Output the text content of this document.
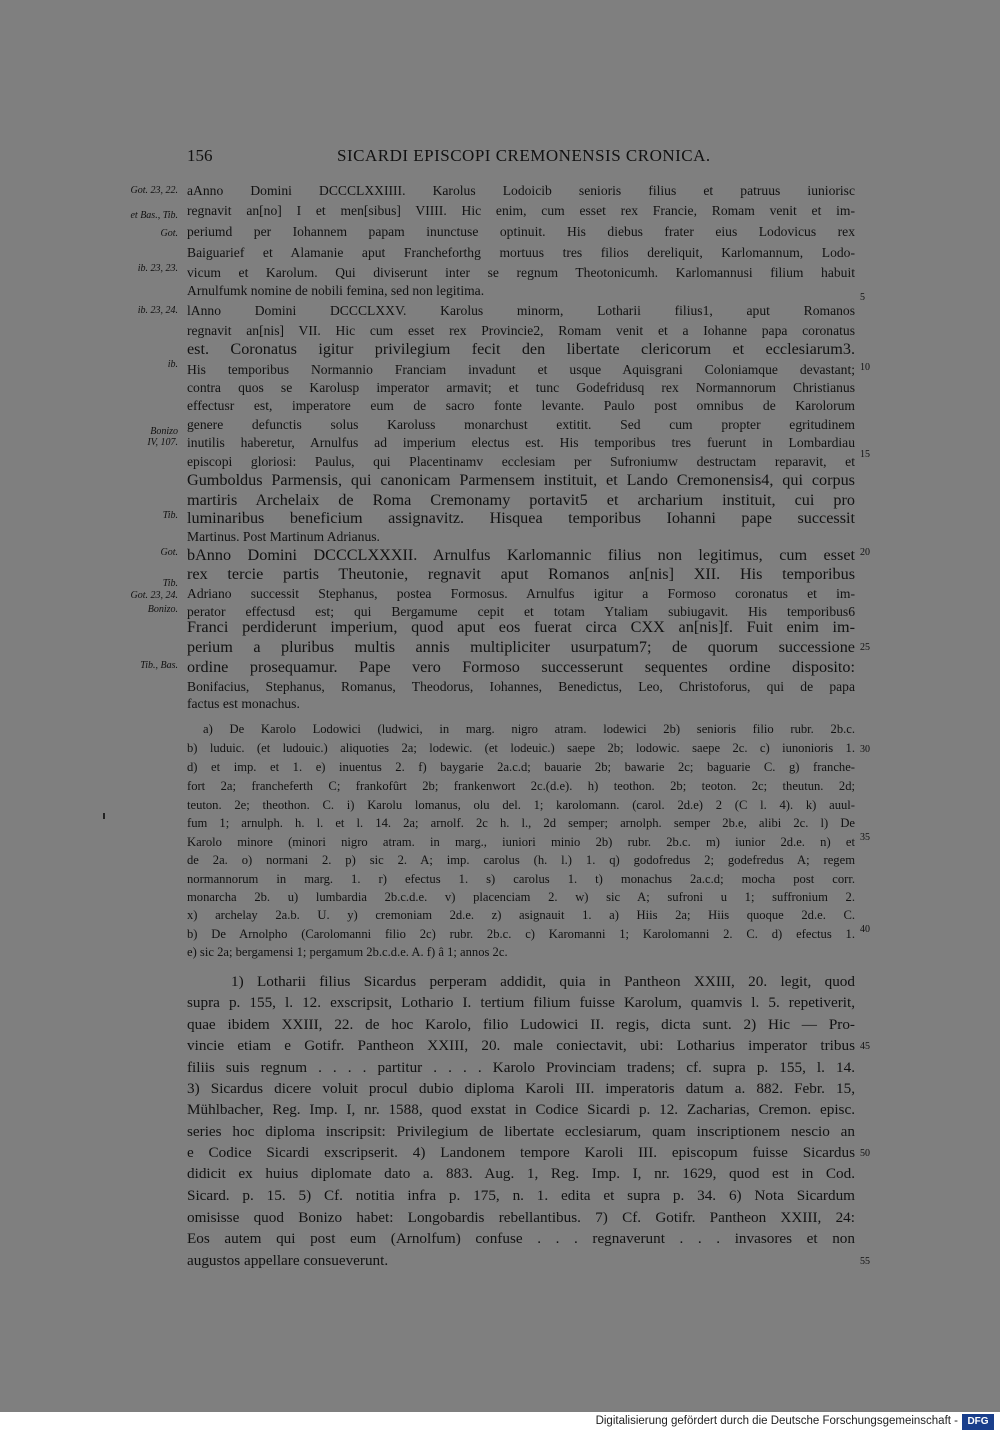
156	SICARDI EPISCOPI CREMONENSIS CRONICA.
Got. 23, 22.
et Bas., Tib.
Got.
ib. 23, 23.
ib. 23, 24.
ib.
Bonizo
IV, 107.
Tib.
Got.
Tib.
Got. 23, 24.
Bonizo.
Tib., Bas.
5
10
15
20
25
30
35
40
45
50
55
aAnno Domini DCCCLXXIIII. Karolus Lodoicib senioris filius et patruus iuniorisc
regnavit an[no] I et men[sibus] VIIII. Hic enim, cum esset rex Francie, Romam venit et im-
periumd per Iohannem papam inunctuse optinuit. His diebus frater eius Lodovicus rex
Baiguarief et Alamanie aput Francheforthg mortuus tres filios dereliquit, Karlomannum, Lodo-
vicum et Karolum. Qui diviserunt inter se regnum Theotonicumh. Karlomannusi filium habuit
Arnulfumk nomine de nobili femina, sed non legitima.
lAnno Domini DCCCLXXV. Karolus minorm, Lotharii filius1, aput Romanos
regnavit an[nis] VII. Hic cum esset rex Provincie2, Romam venit et a Iohanne papa coronatus
est. Coronatus igitur privilegium fecit den libertate clericorum et ecclesiarum3.
His temporibus Normannio Franciam invadunt et usque Aquisgrani Coloniamque devastant;
contra quos se Karolusp imperator armavit; et tunc Godefridusq rex Normannorum Christianus
effectusr est, imperatore eum de sacro fonte levante. Paulo post omnibus de Karolorum
genere defunctis solus Karoluss monarchust extitit. Sed cum propter egritudinem
inutilis haberetur, Arnulfus ad imperium electus est. His temporibus tres fuerunt in Lombardiau
episcopi gloriosi: Paulus, qui Placentinamv ecclesiam per Sufroniumw destructam reparavit, et
Gumboldus Parmensis, qui canonicam Parmensem instituit, et Lando Cremonensis4, qui corpus
martiris Archelaix de Roma Cremonamy portavit5 et archarium instituit, cui pro
luminaribus beneficium assignavitz. Hisquea temporibus Iohanni pape successit
Martinus. Post Martinum Adrianus.
bAnno Domini DCCCLXXXII. Arnulfus Karlomannic filius non legitimus, cum esset
rex tercie partis Theutonie, regnavit aput Romanos an[nis] XII. His temporibus
Adriano successit Stephanus, postea Formosus. Arnulfus igitur a Formoso coronatus et im-
perator effectusd est; qui Bergamume cepit et totam Ytaliam subiugavit. His temporibus6
Franci perdiderunt imperium, quod aput eos fuerat circa CXX an[nis]f. Fuit enim im-
perium a pluribus multis annis multipliciter usurpatum7; de quorum successione
ordine prosequamur. Pape vero Formoso successerunt sequentes ordine disposito:
Bonifacius, Stephanus, Romanus, Theodorus, Iohannes, Benedictus, Leo, Christoforus, qui de papa
factus est monachus.
a) De Karolo Lodowici (ludwici, in marg. nigro atram. lodewici 2b) senioris filio rubr. 2b.c.
b) luduic. (et ludouic.) aliquoties 2a; lodewic. (et lodeuic.) saepe 2b; lodowic. saepe 2c. c) iunonioris 1.
d) et imp. et 1. e) inuentus 2. f) baygarie 2a.c.d; bauarie 2b; bawarie 2c; baguarie C. g) franche-
fort 2a; francheferth C; frankofûrt 2b; frankenwort 2c.(d.e). h) teothon. 2b; teoton. 2c; theutun. 2d;
teuton. 2e; theothon. C. i) Karolu lomanus, olu del. 1; karolomann. (carol. 2d.e) 2 (C l. 4). k) auul-
fum 1; arnulph. h. l. et l. 14. 2a; arnolf. 2c h. l., 2d semper; arnolph. semper 2b.e, alibi 2c. l) De
Karolo minore (minori nigro atram. in marg., iuniori minio 2b) rubr. 2b.c. m) iunior 2d.e. n) et
de 2a. o) normani 2. p) sic 2. A; imp. carolus (h. l.) 1. q) godofredus 2; godefredus A; regem
normannorum in marg. 1. r) efectus 1. s) carolus 1. t) monachus 2a.c.d; mocha post corr.
monarcha 2b. u) lumbardia 2b.c.d.e. v) placenciam 2. w) sic A; sufroni u 1; suffronium 2.
x) archelay 2a.b. U. y) cremoniam 2d.e. z) asignauit 1. a) Hiis 2a; Hiis quoque 2d.e. C.
b) De Arnolpho (Carolomanni filio 2c) rubr. 2b.c. c) Karomanni 1; Karolomanni 2. C. d) efectus 1.
e) sic 2a; bergamensi 1; pergamum 2b.c.d.e. A. f) â 1; annos 2c.
1) Lotharii filius Sicardus perperam addidit, quia in Pantheon XXIII, 20. legit, quod
supra p. 155, l. 12. exscripsit, Lothario I. tertium filium fuisse Karolum, quamvis l. 5. repetiverit,
quae ibidem XXIII, 22. de hoc Karolo, filio Ludowici II. regis, dicta sunt. 2) Hic — Pro-
vincie etiam e Gotifr. Pantheon XXIII, 20. male coniectavit, ubi: Lotharius imperator tribus
filiis suis regnum . . . . partitur . . . . Karolo Provinciam tradens; cf. supra p. 155, l. 14.
3) Sicardus dicere voluit procul dubio diploma Karoli III. imperatoris datum a. 882. Febr. 15,
Mühlbacher, Reg. Imp. I, nr. 1588, quod exstat in Codice Sicardi p. 12. Zacharias, Cremon. episc.
series hoc diploma inscripsit: Privilegium de libertate ecclesiarum, quam inscriptionem nescio an
e Codice Sicardi exscripserit. 4) Landonem tempore Karoli III. episcopum fuisse Sicardus
didicit ex huius diplomate dato a. 883. Aug. 1, Reg. Imp. I, nr. 1629, quod est in Cod.
Sicard. p. 15. 5) Cf. notitia infra p. 175, n. 1. edita et supra p. 34. 6) Nota Sicardum
omisisse quod Bonizo habet: Longobardis rebellantibus. 7) Cf. Gotifr. Pantheon XXIII, 24:
Eos autem qui post eum (Arnolfum) confuse . . . regnaverunt . . . invasores et non
augustos appellare consueverunt.
Digitalisierung gefördert durch die Deutsche Forschungsgemeinschaft - DFG
